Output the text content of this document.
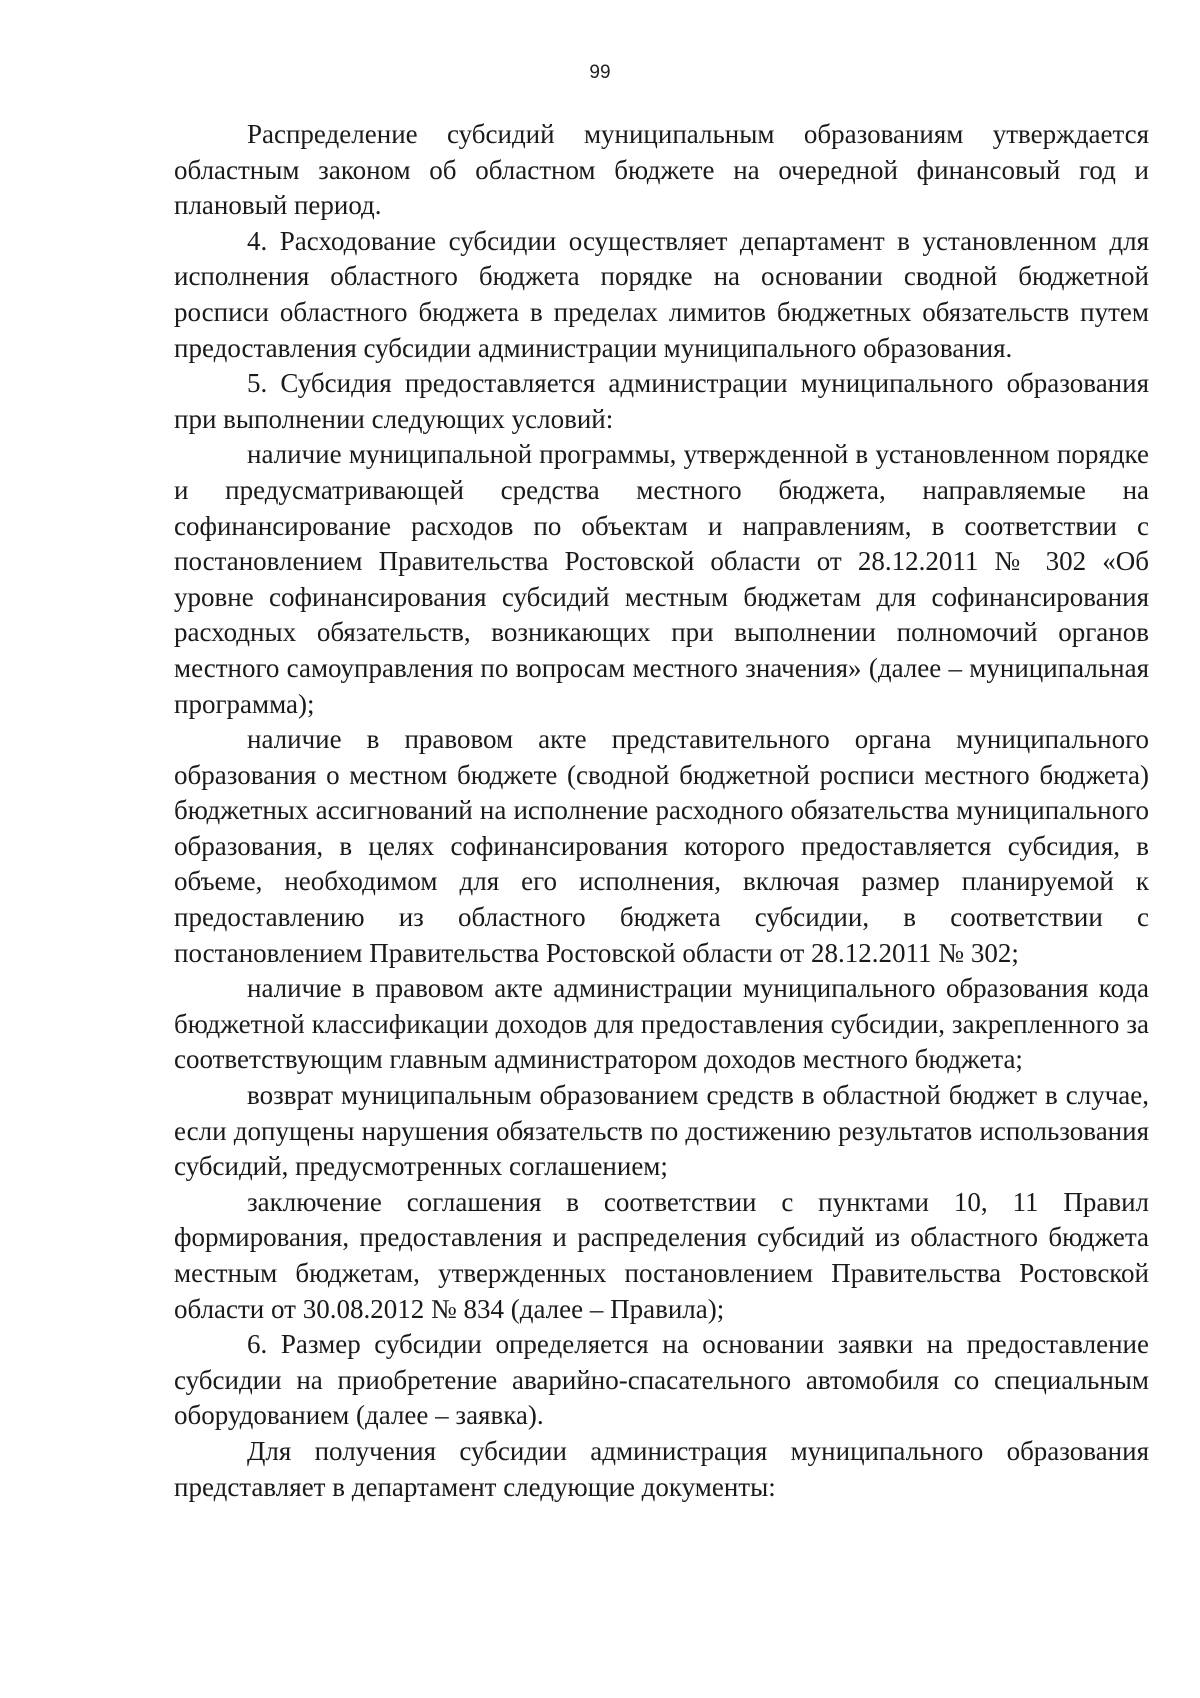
99

Распределение субсидий муниципальным образованиям утверждается областным законом об областном бюджете на очередной финансовый год и плановый период.

4. Расходование субсидии осуществляет департамент в установленном для исполнения областного бюджета порядке на основании сводной бюджетной росписи областного бюджета в пределах лимитов бюджетных обязательств путем предоставления субсидии администрации муниципального образования.

5. Субсидия предоставляется администрации муниципального образования при выполнении следующих условий:

наличие муниципальной программы, утвержденной в установленном порядке и предусматривающей средства местного бюджета, направляемые на софинансирование расходов по объектам и направлениям, в соответствии с постановлением Правительства Ростовской области от 28.12.2011 № 302 «Об уровне софинансирования субсидий местным бюджетам для софинансирования расходных обязательств, возникающих при выполнении полномочий органов местного самоуправления по вопросам местного значения» (далее – муниципальная программа);

наличие в правовом акте представительного органа муниципального образования о местном бюджете (сводной бюджетной росписи местного бюджета) бюджетных ассигнований на исполнение расходного обязательства муниципального образования, в целях софинансирования которого предоставляется субсидия, в объеме, необходимом для его исполнения, включая размер планируемой к предоставлению из областного бюджета субсидии, в соответствии с постановлением Правительства Ростовской области от 28.12.2011 № 302;

наличие в правовом акте администрации муниципального образования кода бюджетной классификации доходов для предоставления субсидии, закрепленного за соответствующим главным администратором доходов местного бюджета;

возврат муниципальным образованием средств в областной бюджет в случае, если допущены нарушения обязательств по достижению результатов использования субсидий, предусмотренных соглашением;

заключение соглашения в соответствии с пунктами 10, 11 Правил формирования, предоставления и распределения субсидий из областного бюджета местным бюджетам, утвержденных постановлением Правительства Ростовской области от 30.08.2012 № 834 (далее – Правила);

6. Размер субсидии определяется на основании заявки на предоставление субсидии на приобретение аварийно-спасательного автомобиля со специальным оборудованием (далее – заявка).

Для получения субсидии администрация муниципального образования представляет в департамент следующие документы:
